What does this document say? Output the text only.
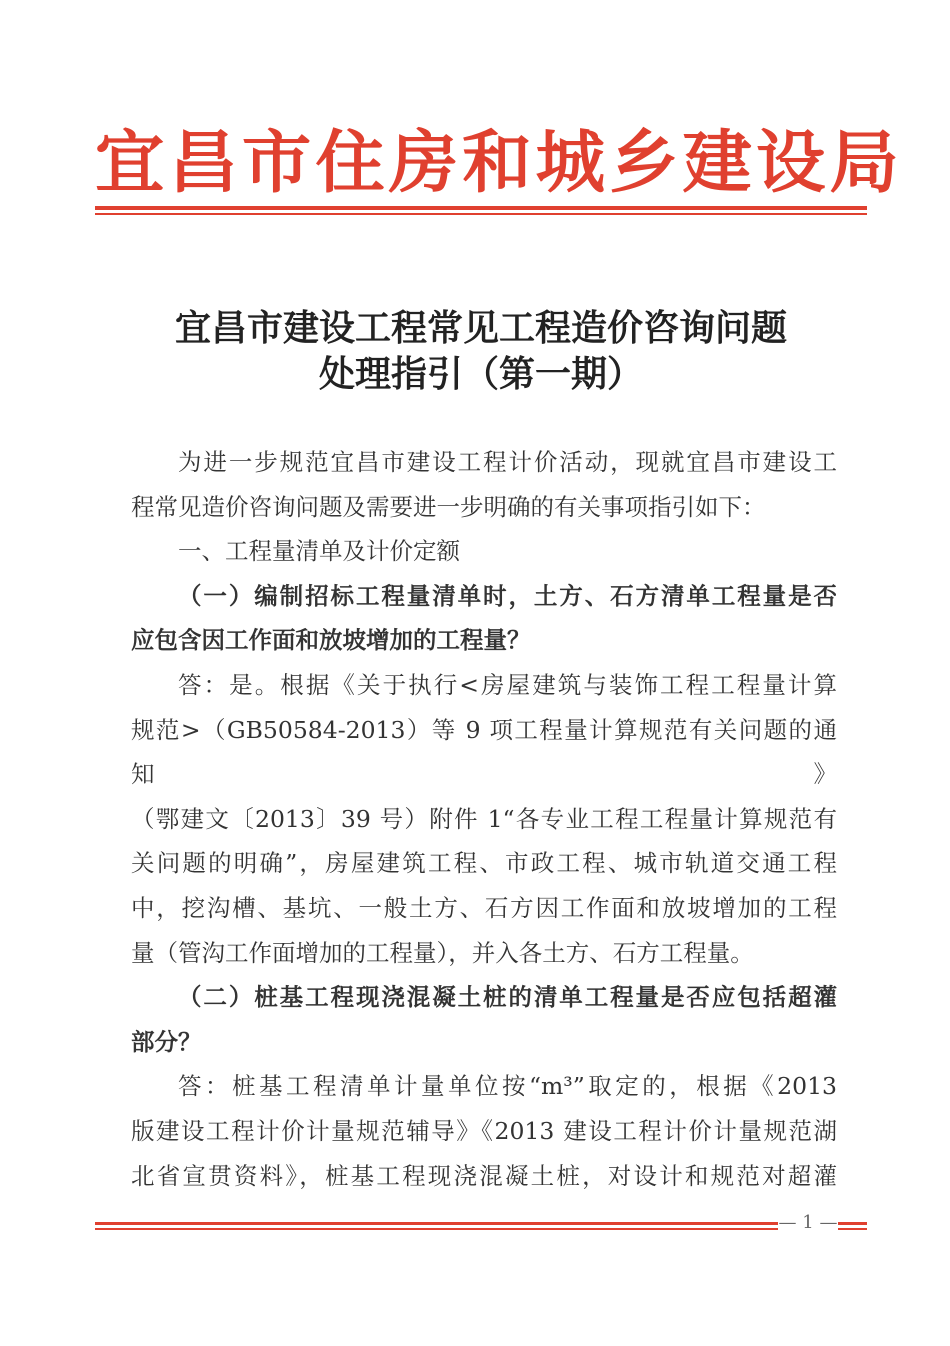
宜昌市住房和城乡建设局
宜昌市建设工程常见工程造价咨询问题
处理指引（第一期）
为进一步规范宜昌市建设工程计价活动，现就宜昌市建设工
程常见造价咨询问题及需要进一步明确的有关事项指引如下：
一、工程量清单及计价定额
（一）编制招标工程量清单时，土方、石方清单工程量是否
应包含因工作面和放坡增加的工程量？
答：是。根据《关于执行<房屋建筑与装饰工程工程量计算
规范>（GB50584-2013）等 9 项工程量计算规范有关问题的通知》
（鄂建文〔2013〕39 号）附件 1“各专业工程工程量计算规范有
关问题的明确”，房屋建筑工程、市政工程、城市轨道交通工程
中，挖沟槽、基坑、一般土方、石方因工作面和放坡增加的工程
量（管沟工作面增加的工程量），并入各土方、石方工程量。
（二）桩基工程现浇混凝土桩的清单工程量是否应包括超灌
部分？
答：桩基工程清单计量单位按“m³”取定的，根据《2013
版建设工程计价计量规范辅导》《2013 建设工程计价计量规范湖
北省宣贯资料》，桩基工程现浇混凝土桩，对设计和规范对超灌
— 1 —
